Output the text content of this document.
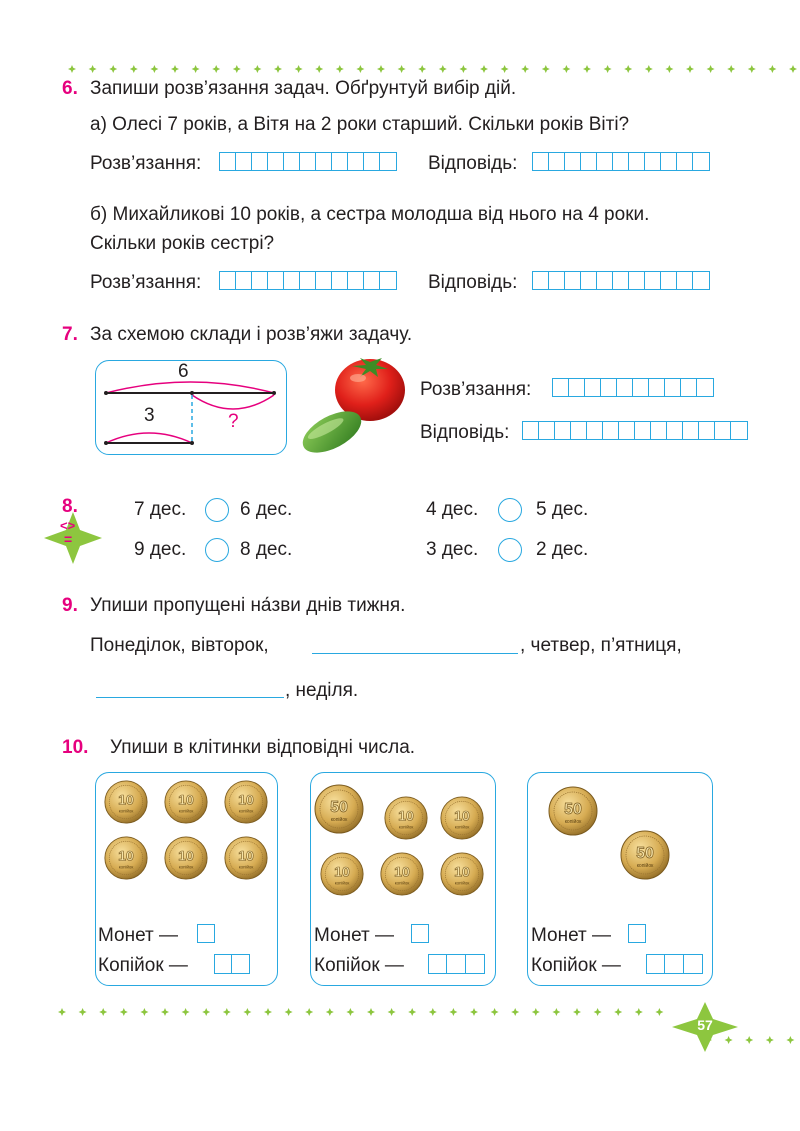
6. Запиши розв’язання задач. Обґрунтуй вибір дій.
а) Олесі 7 років, а Вітя на 2 роки старший. Скільки років Віті?
Розв’язання:	Відповідь:
б) Михайликові 10 років, а сестра молодша від нього на 4 роки.
Скільки років сестрі?
Розв’язання:	Відповідь:
7. За схемою склади і розв’яжи задачу.
6
3	?
Розв’язання:
Відповідь:
8.
<>
=
7 дес.	6 дес.	4 дес.	5 дес.
9 дес.	8 дес.	3 дес.	2 дес.
9. Упиши пропущені на́зви днів тижня.
Понеділок, вівторок,	, четвер, п’ятниця,
, неділя.
10. Упиши в клітинки відповідні числа.
10
копійок
10
копійок
10
копійок
10
копійок
10
копійок
10
копійок
Монет —
Копійок —
50
копійок	10
копійок
10
копійок
10
копійок
10
копійок
10
копійок
Монет —
Копійок —
50
копійок
50
копійок
Монет —
Копійок —
57
